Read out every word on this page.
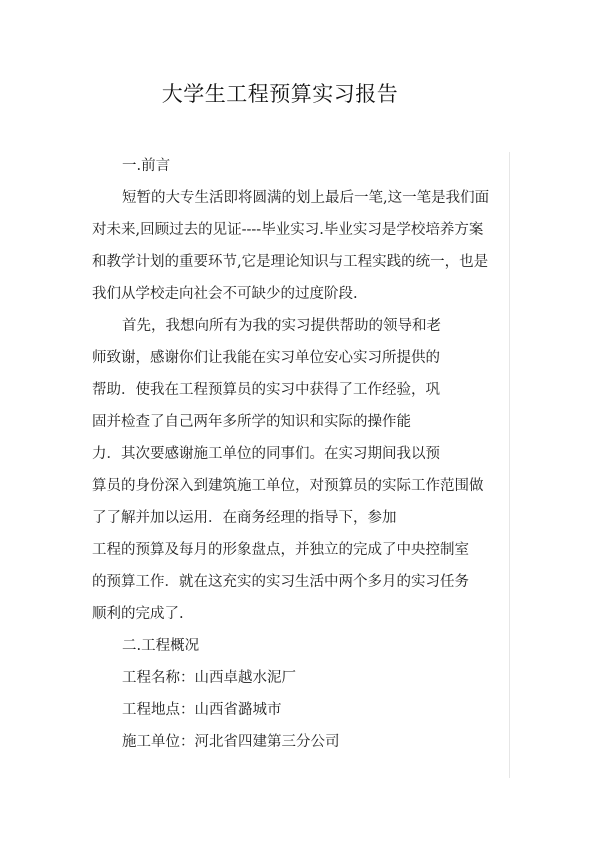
大学生工程预算实习报告
一.前言
短暂的大专生活即将圆满的划上最后一笔,这一笔是我们面
对未来,回顾过去的见证----毕业实习.毕业实习是学校培养方案
和教学计划的重要环节,它是理论知识与工程实践的统一，也是
我们从学校走向社会不可缺少的过度阶段.
首先，我想向所有为我的实习提供帮助的领导和老
师致谢，感谢你们让我能在实习单位安心实习所提供的
帮助．使我在工程预算员的实习中获得了工作经验，巩
固并检查了自己两年多所学的知识和实际的操作能
力．其次要感谢施工单位的同事们。在实习期间我以预
算员的身份深入到建筑施工单位，对预算员的实际工作范围做
了了解并加以运用．在商务经理的指导下，参加
工程的预算及每月的形象盘点，并独立的完成了中央控制室
的预算工作．就在这充实的实习生活中两个多月的实习任务
顺利的完成了.
二.工程概况
工程名称：山西卓越水泥厂
工程地点：山西省潞城市
施工单位：河北省四建第三分公司
